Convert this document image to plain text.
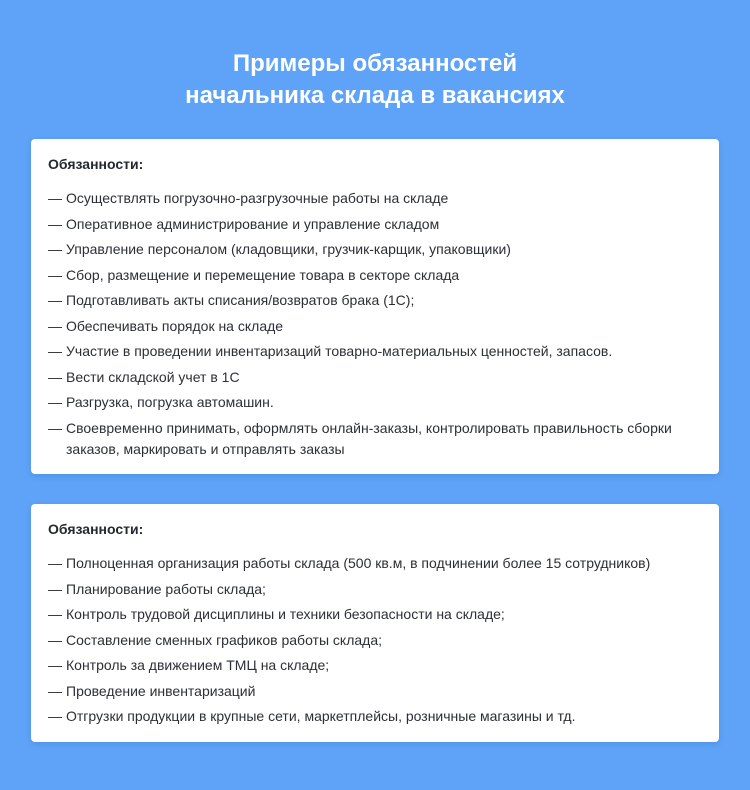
Примеры обязанностей
начальника склада в вакансиях
Обязанности:
— Осуществлять погрузочно-разгрузочные работы на складе
— Оперативное администрирование и управление складом
— Управление персоналом (кладовщики, грузчик-карщик, упаковщики)
— Сбор, размещение и перемещение товара в секторе склада
— Подготавливать акты списания/возвратов брака (1С);
— Обеспечивать порядок на складе
— Участие в проведении инвентаризаций товарно-материальных ценностей, запасов.
— Вести складской учет в 1С
— Разгрузка, погрузка автомашин.
— Своевременно принимать, оформлять онлайн-заказы, контролировать правильность сборки заказов, маркировать и отправлять заказы
Обязанности:
— Полноценная организация работы склада (500 кв.м, в подчинении более 15 сотрудников)
— Планирование работы склада;
— Контроль трудовой дисциплины и техники безопасности на складе;
— Составление сменных графиков работы склада;
— Контроль за движением ТМЦ на складе;
— Проведение инвентаризаций
— Отгрузки продукции в крупные сети, маркетплейсы, розничные магазины и тд.
